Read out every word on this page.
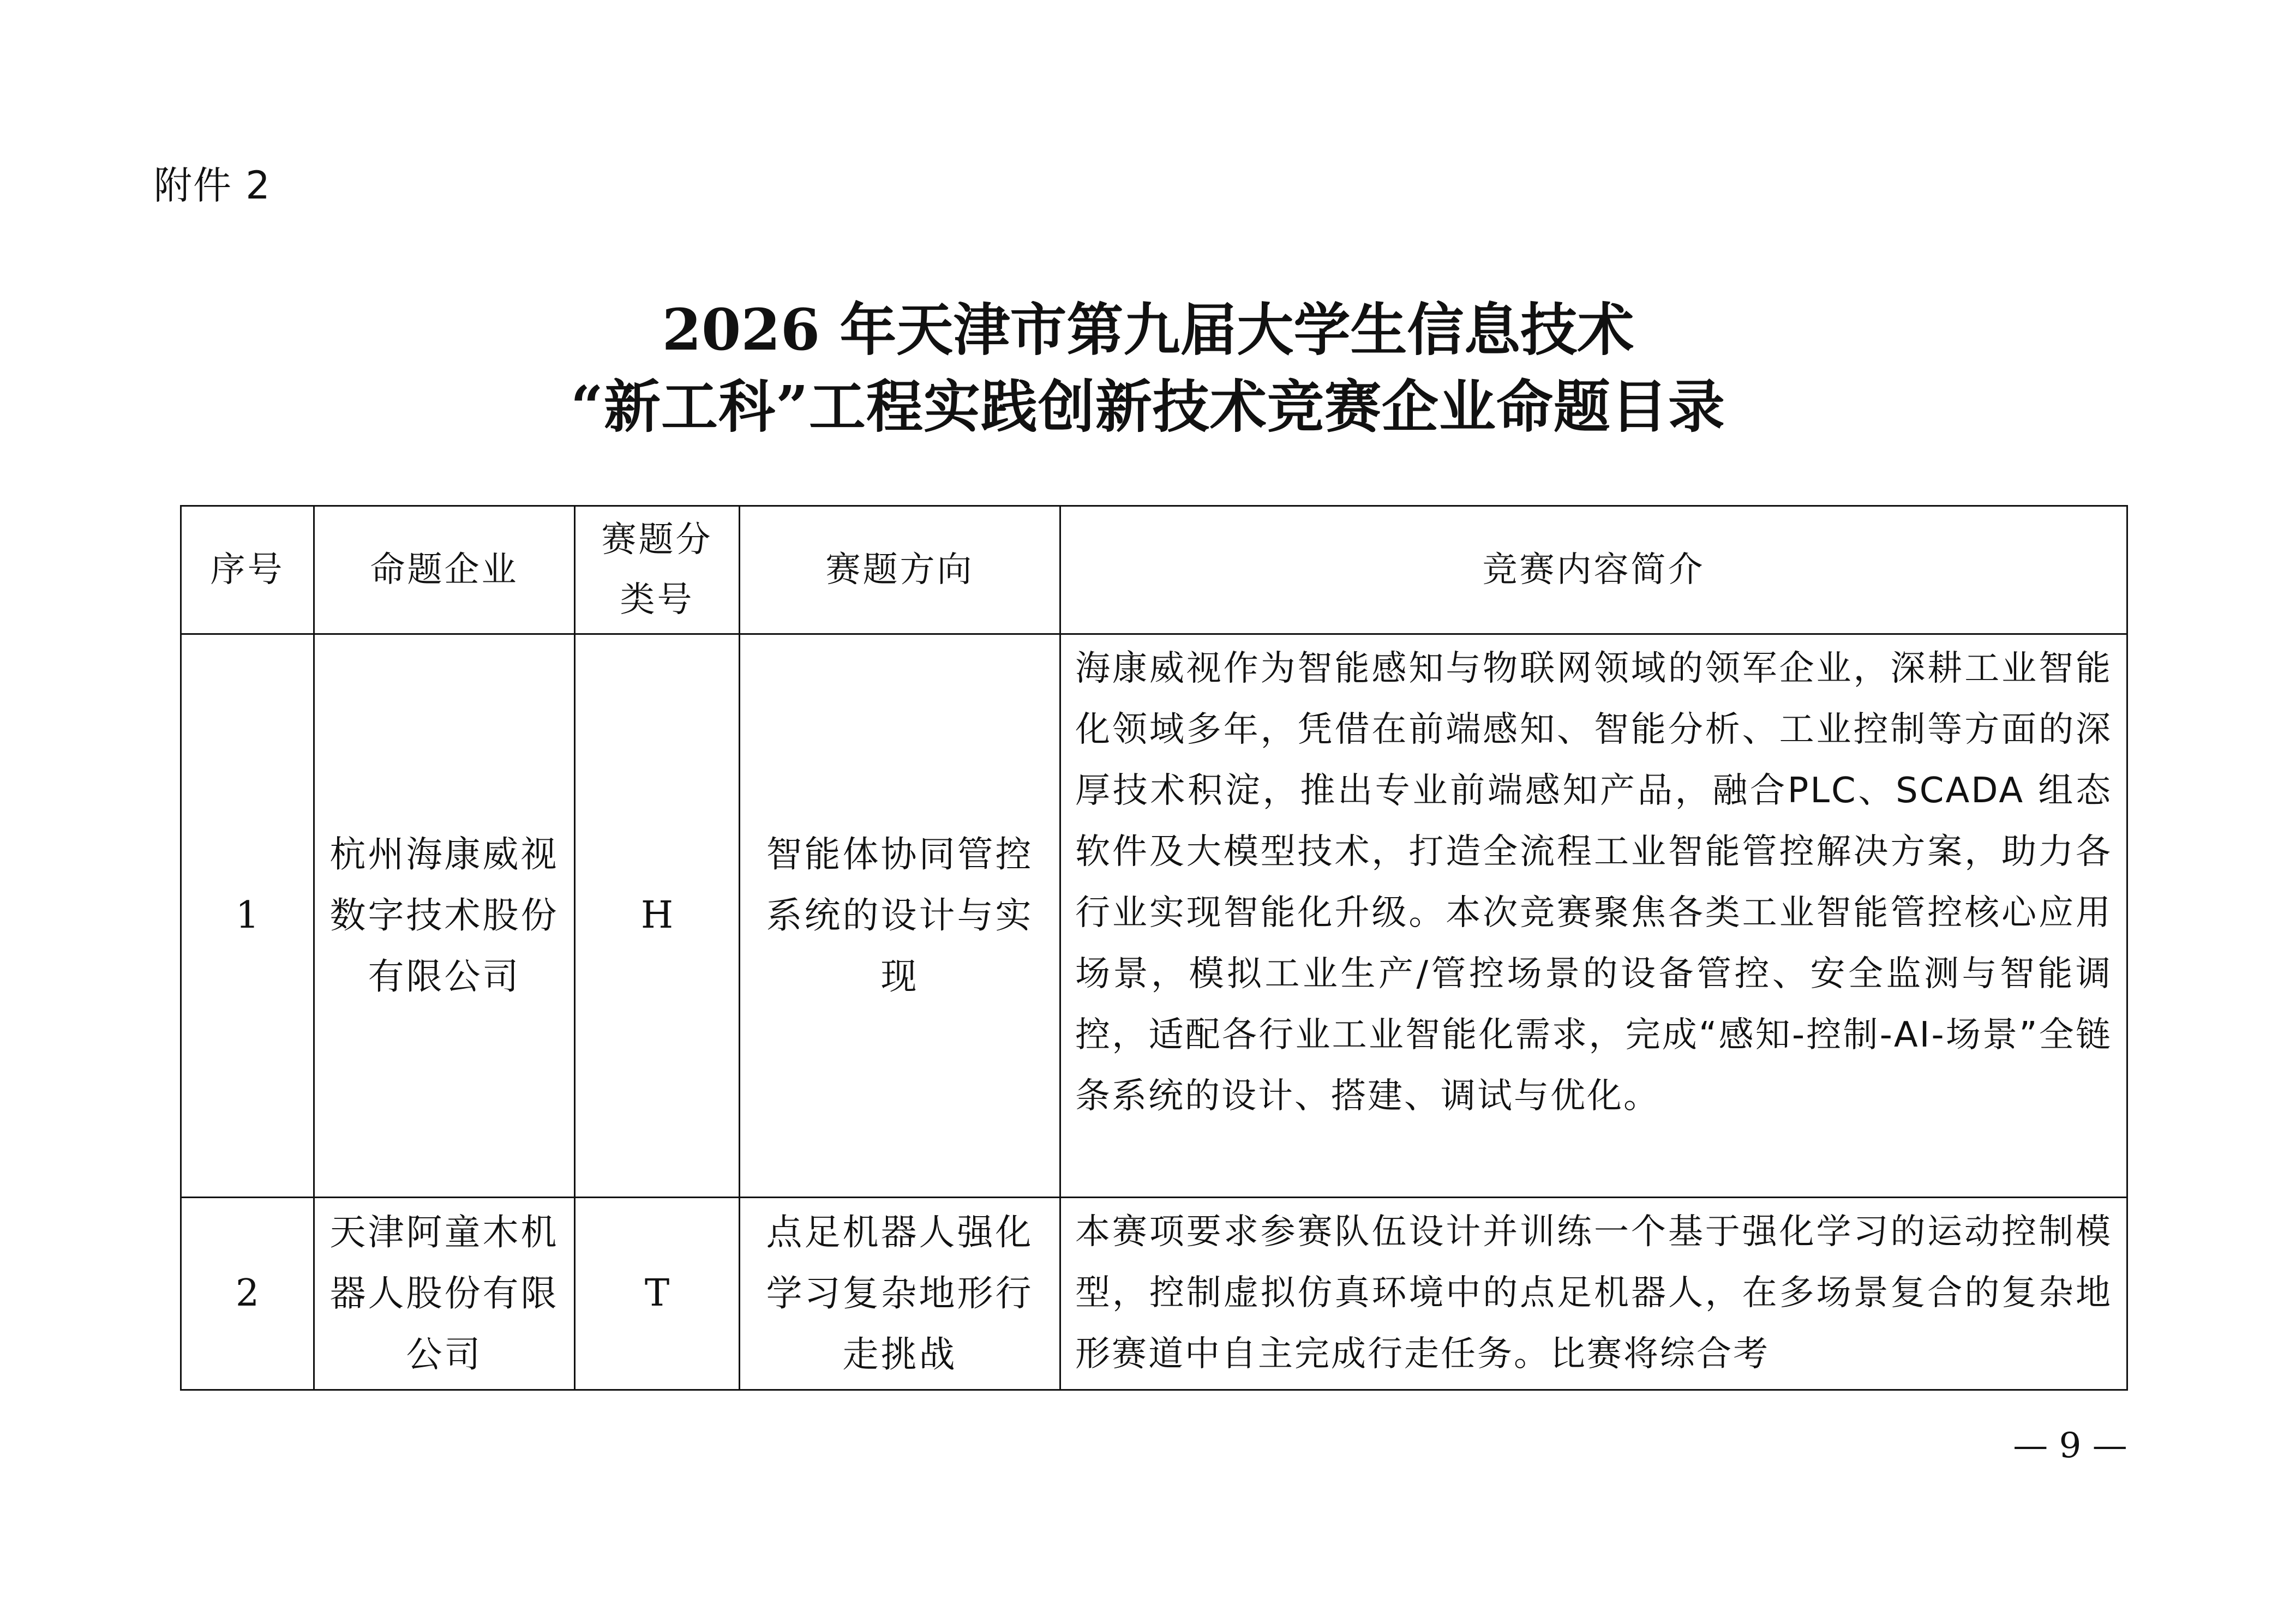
附件 2
2026 年天津市第九届大学生信息技术
“新工科”工程实践创新技术竞赛企业命题目录
序号	命题企业	赛题分类号	赛题方向	竞赛内容简介
1	杭州海康威视数字技术股份有限公司	H	智能体协同管控系统的设计与实现	海康威视作为智能感知与物联网领域的领军企业，深耕工业智能化领域多年，凭借在前端感知、智能分析、工业控制等方面的深厚技术积淀，推出专业前端感知产品，融合PLC、SCADA 组态软件及大模型技术，打造全流程工业智能管控解决方案，助力各行业实现智能化升级。本次竞赛聚焦各类工业智能管控核心应用场景，模拟工业生产/管控场景的设备管控、安全监测与智能调控，适配各行业工业智能化需求，完成“感知-控制-AI-场景”全链条系统的设计、搭建、调试与优化。
2	天津阿童木机器人股份有限公司	T	点足机器人强化学习复杂地形行走挑战	本赛项要求参赛队伍设计并训练一个基于强化学习的运动控制模型，控制虚拟仿真环境中的点足机器人，在多场景复合的复杂地形赛道中自主完成行走任务。比赛将综合考
— 9 —
